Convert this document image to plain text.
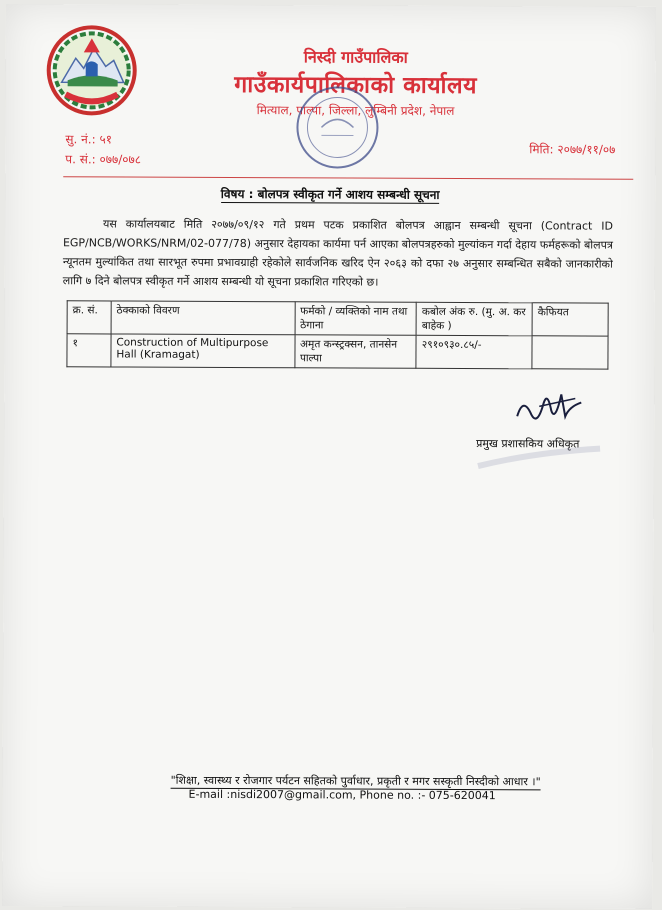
निस्दी गाउँपालिका
गाउँकार्यपालिकाको कार्यालय
मित्याल, पाल्पा, जिल्ला, लुम्बिनी प्रदेश, नेपाल
सु. नं.: ५१
प. सं.: ०७७/०७८
मिति: २०७७/११/०७
विषय : बोलपत्र स्वीकृत गर्ने आशय सम्बन्धी सूचना
यस कार्यालयबाट मिति २०७७/०९/१२ गते प्रथम पटक प्रकाशित बोलपत्र आह्वान सम्बन्धी सूचना (Contract ID EGP/NCB/WORKS/NRM/02-077/78) अनुसार देहायका कार्यमा पर्न आएका बोलपत्रहरुको मुल्यांकन गर्दा देहाय फर्महरूको बोलपत्र न्यूनतम मुल्यांकित तथा सारभूत रुपमा प्रभावग्राही रहेकोले सार्वजनिक खरिद ऐन २०६३ को दफा २७ अनुसार सम्बन्धित सबैको जानकारीको लागि ७ दिने बोलपत्र स्वीकृत गर्ने आशय सम्बन्धी यो सूचना प्रकाशित गरिएको छ।
क्र. सं.	ठेक्काको विवरण	फर्मको / व्यक्तिको नाम तथा ठेगाना	कबोल अंक रु. (मु. अ. कर बाहेक )	कैफियत
१	Construction of Multipurpose Hall (Kramagat)	अमृत कन्स्ट्रक्सन, तानसेन पाल्पा	२९१०९३०.८५/-	
प्रमुख प्रशासकिय अधिकृत
"शिक्षा, स्वास्थ्य र रोजगार पर्यटन सहितको पुर्वाधार, प्रकृती र मगर सस्कृती निस्दीको आधार ।"
E-mail :nisdi2007@gmail.com, Phone no. :- 075-620041
